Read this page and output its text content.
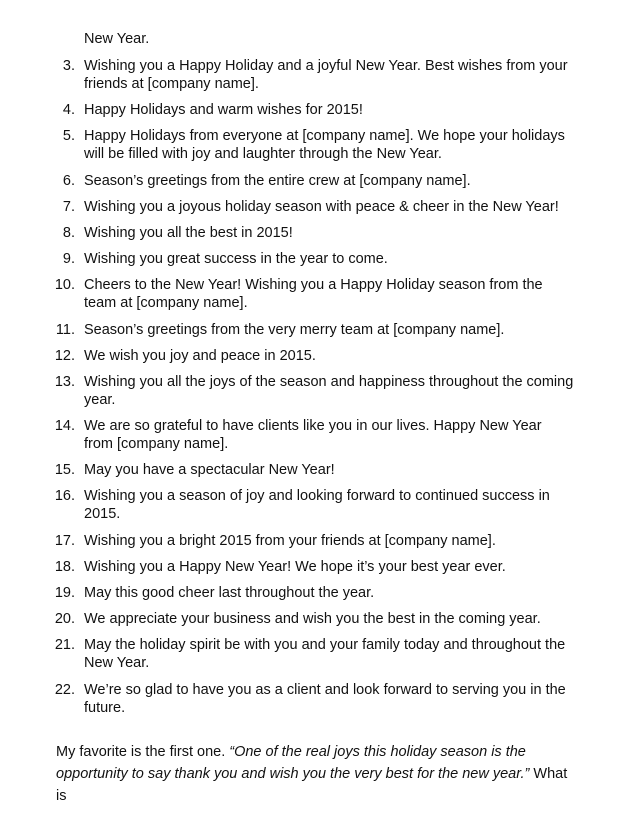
New Year.
3. Wishing you a Happy Holiday and a joyful New Year. Best wishes from your friends at [company name].
4. Happy Holidays and warm wishes for 2015!
5. Happy Holidays from everyone at [company name]. We hope your holidays will be filled with joy and laughter through the New Year.
6. Season’s greetings from the entire crew at [company name].
7. Wishing you a joyous holiday season with peace & cheer in the New Year!
8. Wishing you all the best in 2015!
9. Wishing you great success in the year to come.
10. Cheers to the New Year! Wishing you a Happy Holiday season from the team at [company name].
11. Season’s greetings from the very merry team at [company name].
12. We wish you joy and peace in 2015.
13. Wishing you all the joys of the season and happiness throughout the coming year.
14. We are so grateful to have clients like you in our lives. Happy New Year from [company name].
15. May you have a spectacular New Year!
16. Wishing you a season of joy and looking forward to continued success in 2015.
17. Wishing you a bright 2015 from your friends at [company name].
18. Wishing you a Happy New Year! We hope it’s your best year ever.
19. May this good cheer last throughout the year.
20. We appreciate your business and wish you the best in the coming year.
21. May the holiday spirit be with you and your family today and throughout the New Year.
22. We’re so glad to have you as a client and look forward to serving you in the future.

My favorite is the first one. “One of the real joys this holiday season is the opportunity to say thank you and wish you the very best for the new year.” What is
